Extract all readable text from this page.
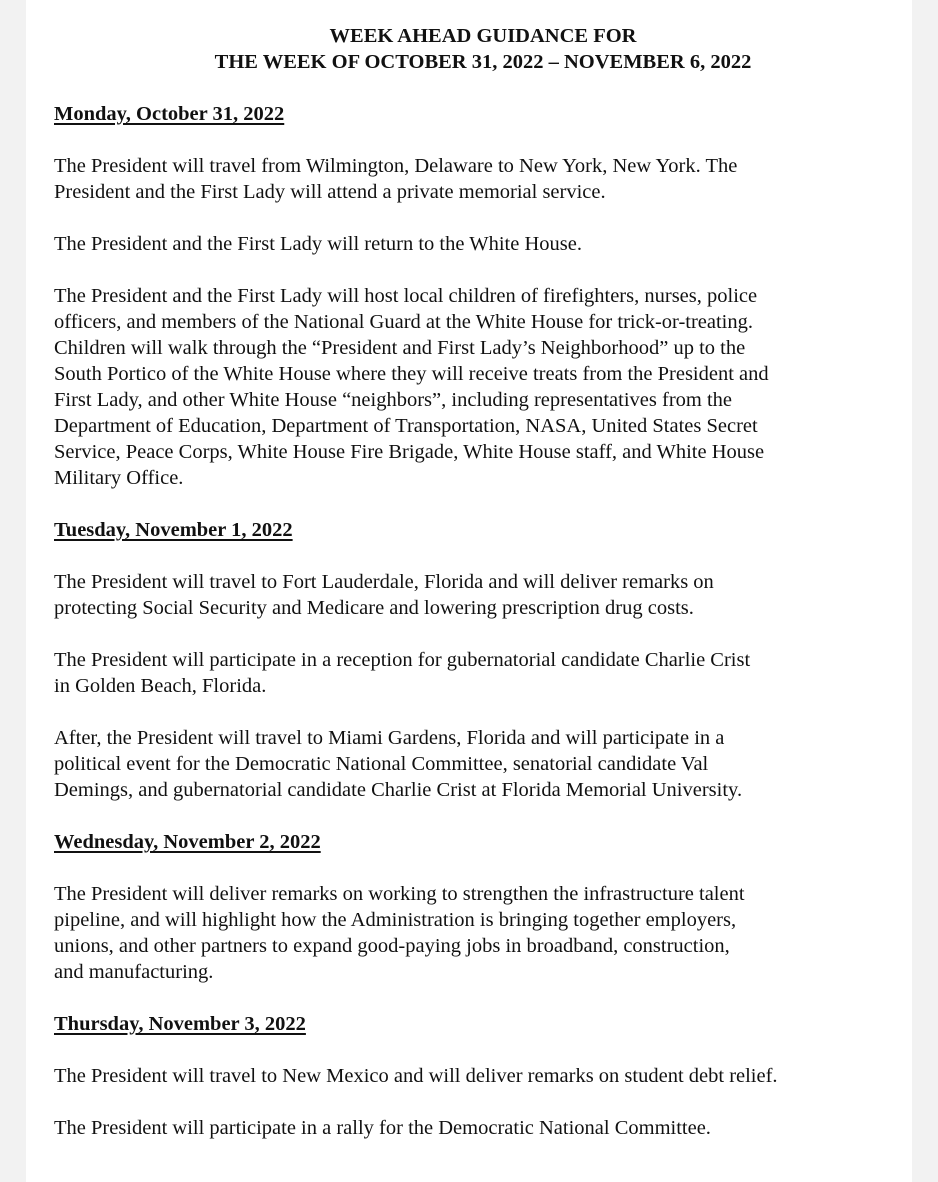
WEEK AHEAD GUIDANCE FOR
THE WEEK OF OCTOBER 31, 2022 – NOVEMBER 6, 2022
Monday, October 31, 2022
The President will travel from Wilmington, Delaware to New York, New York. The
President and the First Lady will attend a private memorial service.
The President and the First Lady will return to the White House.
The President and the First Lady will host local children of firefighters, nurses, police
officers, and members of the National Guard at the White House for trick-or-treating.
Children will walk through the “President and First Lady’s Neighborhood” up to the
South Portico of the White House where they will receive treats from the President and
First Lady, and other White House “neighbors”, including representatives from the
Department of Education, Department of Transportation, NASA, United States Secret
Service, Peace Corps, White House Fire Brigade, White House staff, and White House
Military Office.
Tuesday, November 1, 2022
The President will travel to Fort Lauderdale, Florida and will deliver remarks on
protecting Social Security and Medicare and lowering prescription drug costs.
The President will participate in a reception for gubernatorial candidate Charlie Crist
in Golden Beach, Florida.
After, the President will travel to Miami Gardens, Florida and will participate in a
political event for the Democratic National Committee, senatorial candidate Val
Demings, and gubernatorial candidate Charlie Crist at Florida Memorial University.
Wednesday, November 2, 2022
The President will deliver remarks on working to strengthen the infrastructure talent
pipeline, and will highlight how the Administration is bringing together employers,
unions, and other partners to expand good-paying jobs in broadband, construction,
and manufacturing.
Thursday, November 3, 2022
The President will travel to New Mexico and will deliver remarks on student debt relief.
The President will participate in a rally for the Democratic National Committee.
